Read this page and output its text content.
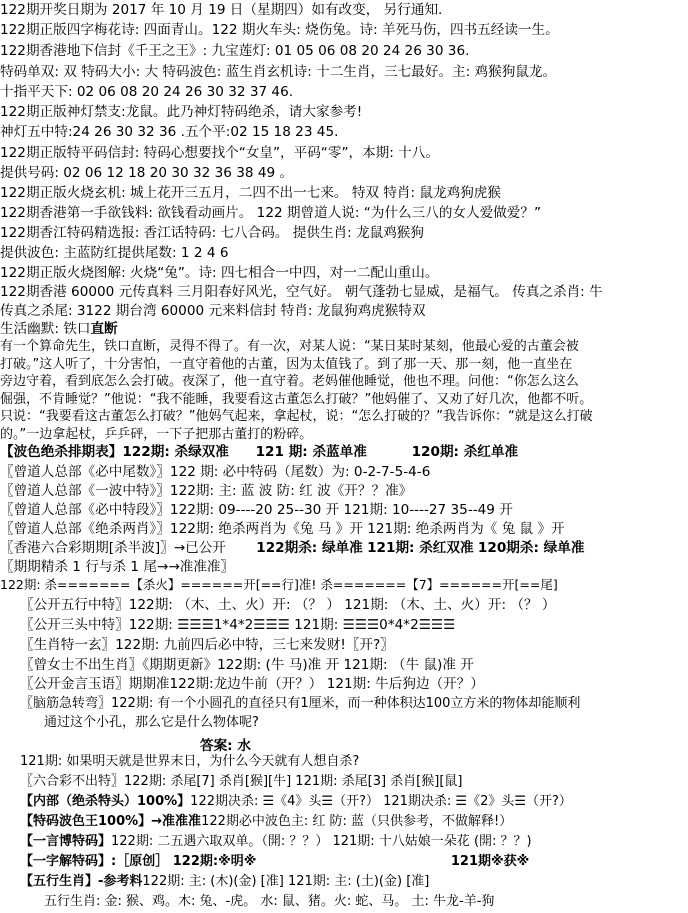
122期开奖日期为 2017 年 10 月 19 日（星期四）如有改变， 另行通知.
122期正版四字梅花诗: 四面青山。122 期火车头: 烧伤兔。诗: 羊死马伤，四书五经读一生。
122期香港地下信封《千王之王》: 九宝莲灯: 01 05 06 08 20 24 26 30 36.
特码单双: 双 特码大小: 大 特码波色: 蓝生肖玄机诗: 十二生肖，三七最好。主: 鸡猴狗鼠龙。
十指平天下: 02 06 08 20 24 26 30 32 37 46.
122期正版神灯禁支:龙鼠。此乃神灯特码绝杀，请大家参考!
神灯五中特:24 26 30 32 36 .五个平:02 15 18 23 45.
122期正版特平码信封: 特码心想要找个“女皇”，平码“零”，本期: 十八。
提供号码: 02 06 12 18 20 30 32 36 38 49 。
122期正版火烧玄机: 城上花开三五月，二四不出一七来。 特双 特肖: 鼠龙鸡狗虎猴
122期香港第一手欲钱料: 欲钱看动画片。 122 期曾道人说: “为什么三八的女人爱做爱？”
122期香江特码精选报: 香江话特码: 七八合码。 提供生肖: 龙鼠鸡猴狗
提供波色: 主蓝防红提供尾数: 1 2 4 6
122期正版火烧图解: 火烧“兔”。诗: 四七相合一中四，对一二配山重山。
122期香港 60000 元传真料 三月阳春好风光，空气好。 朝气蓬勃七显威，是福气。 传真之杀肖: 牛
传真之杀尾: 3122 期台湾 60000 元来料信封 特肖: 龙鼠狗鸡虎猴特双
生活幽默: 铁口直断
有一个算命先生，铁口直断，灵得不得了。有一次，对某人说：“某日某时某刻，他最心爱的古董会被
打破。”这人听了，十分害怕，一直守着他的古董，因为太值钱了。到了那一天、那一刻，他一直坐在
旁边守着，看到底怎么会打破。夜深了，他一直守着。老妈催他睡觉，他也不理。问他：“你怎么这么
倔强，不肯睡觉？”他说：“我不能睡，我要看这古董怎么打破？”他妈催了、又劝了好几次，他都不听。
只说：“我要看这古董怎么打破？”他妈气起来，拿起杖，说：“怎么打破的？”我告诉你：“就是这么打破
的。”一边拿起杖，乒乒砰，一下子把那古董打的粉碎。
【波色绝杀排期表】122期: 杀绿双准 121 期: 杀蓝单准	120期: 杀红单准
〖曾道人总部《必中尾数》〗122 期: 必中特码（尾数）为: 0-2-7-5-4-6
〖曾道人总部《一波中特》〗122期: 主: 蓝 波 防: 红 波《开？？准》
〖曾道人总部《必中特段》〗122期: 09----20 25--30 开 121期: 10----27 35--49 开
〖曾道人总部《绝杀两肖》〗122期: 绝杀两肖为《兔 马 》开 121期: 绝杀两肖为《 兔 鼠 》开
〖香港六合彩期期[杀半波]〗→已公开 122期杀: 绿单准 121期: 杀红双准 120期杀: 绿单准
〖期期精杀 1 行与杀 1 尾→→准准准〗
122期: 杀=======【杀火】======开[==行]准! 杀=======【7】======开[==尾]
〖公开五行中特〗122期: （木、土、火）开: （？ ） 121期: （木、土、火）开: （？ ）
〖公开三头中特〗122期: ☰☰☰1*4*2☰☰☰ 121期: ☰☰☰0*4*2☰☰☰
〖生肖特一玄〗122期: 九前四后必中特，三七来发财!〖开?〗
〖曾女士不出生肖〗《期期更新》122期: (牛 马)准 开 121期: （牛 鼠)准 开
〖公开金言玉语〗期期准122期:龙边牛前（开？） 121期: 牛后狗边（开？）
〖脑筋急转弯〗122期: 有一个小圆孔的直径只有1厘米，而一种体积达100立方米的物体却能顺利
通过这个小孔，那么它是什么物体呢?
答案: 水
121期: 如果明天就是世界末日，为什么今天就有人想自杀?
〖六合彩不出特〗122期: 杀尾[7] 杀肖[猴][牛] 121期: 杀尾[3] 杀肖[猴][鼠]
【内部（绝杀特头）100%】122期决杀: ☰《4》头☰（开?） 121期决杀: ☰《2》头☰（开?）
【特码波色王100%】→准准准122期必中波色主: 红 防: 蓝（只供参考，不做解释!）
【一言博特码】122期: 二五遇六取双单。（開: ？？） 121期: 十八姑娘一朵花 (開: ？？)
【一字解特码】:［原创］ 122期:※明※	121期※获※
【五行生肖】-参考料122期: 主: (木)(金) [准] 121期: 主: (土)(金) [准]
五行生肖: 金: 猴、鸡。木: 兔、-虎。 水: 鼠、猪。火: 蛇、马。 土: 牛龙-羊-狗
